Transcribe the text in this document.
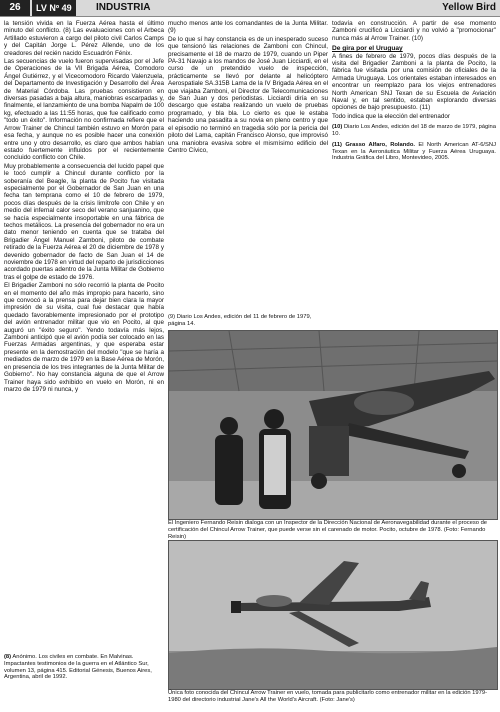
26	LV Nº 49	INDUSTRIA	Yellow Bird

la tensión vivida en la Fuerza Aérea hasta el último minuto del conflicto. (8) Las evaluaciones con el Arbeca Artillado estuvieron a cargo del piloto civil Carlos Camps y del Capitán Jorge L. Pérez Allende, uno de los creadores del recién nacido Escuadrón Fénix.

Las secuencias de vuelo fueron supervisadas por el Jefe de Operaciones de la VII Brigada Aérea, Comodoro Ángel Gutiérrez, y el Vicecomodoro Ricardo Valenzuela, del Departamento de Investigación y Desarrollo del Área de Material Córdoba. Las pruebas consistieron en diversas pasadas a baja altura, maniobras escarpadas y, finalmente, el lanzamiento de una bomba Napalm de 100 kg, efectuado a las 11:55 horas, que fue calificado como "todo un éxito". Información no confirmada refiere que el Arrow Trainer de Chincul también estuvo en Morón para esa fecha, y aunque no es posible hacer una conexión entre uno y otro desarrollo, es claro que ambos habían estado fuertemente influidos por el recientemente concluido conflicto con Chile.

Muy probablemente a consecuencia del lucido papel que le tocó cumplir a Chincul durante conflicto por la soberanía del Beagle, la planta de Pocito fue visitada especialmente por el Gobernador de San Juan en una fecha tan temprana como el 10 de febrero de 1979, pocos días después de la crisis limítrofe con Chile y en medio del infernal calor seco del verano sanjuanino, que se hacía especialmente insoportable en una fábrica de techos metálicos. La presencia del gobernador no era un dato menor teniendo en cuenta que se trataba del Brigadier Ángel Manuel Zamboni, piloto de combate retirado de la Fuerza Aérea el 20 de diciembre de 1978 y devenido gobernador de facto de San Juan el 14 de noviembre de 1978 en virtud del reparto de jurisdicciones acordado puertas adentro de la Junta Militar de Gobierno tras el golpe de estado de 1976.

El Brigadier Zamboni no sólo recorrió la planta de Pocito en el momento del año más impropio para hacerlo, sino que convocó a la prensa para dejar bien clara la mayor impresión de su visita, cual fue destacar que había quedado favorablemente impresionado por el prototipo del avión entrenador militar que vio en Pocito, al que auguró un "éxito seguro". Yendo todavía más lejos, Zamboni anticipó que el avión podía ser colocado en las Fuerzas Armadas argentinas, y que esperaba estar presente en la demostración del modelo "que se haría a mediados de marzo de 1979 en la Base Aérea de Morón, en presencia de los tres integrantes de la Junta Militar de Gobierno". No hay constancia alguna de que el Arrow Trainer haya sido exhibido en vuelo en Morón, ni en marzo de 1979 ni nunca, y

(8) Anónimo. Los civiles en combate. En Malvinas. Impactantes testimonios de la guerra en el Atlántico Sur, volumen 13, página 415. Editorial Génesis, Buenos Aires, Argentina, abril de 1992.

mucho menos ante los comandantes de la Junta Militar. (9)

De lo que sí hay constancia es de un inesperado suceso que tensionó las relaciones de Zamboni con Chincul, precisamente el 18 de marzo de 1979, cuando un Piper PA-31 Navajo a los mandos de José Juan Licciardi, en el curso de un pretendido vuelo de inspección, prácticamente se llevó por delante al helicóptero Aerospatiale SA.315B Lama de la IV Brigada Aérea en el que viajaba Zamboni, el Director de Telecomunicaciones de San Juan y dos periodistas. Licciardi diría en su descargo que estaba realizando un vuelo de pruebas programado, y bla bla. Lo cierto es que le estaba haciendo una pasadita a su novia en pleno centro y que el episodio no terminó en tragedia sólo por la pericia del piloto del Lama, capitán Francisco Alonso, que improvisó una maniobra evasiva sobre el mismísimo edificio del Centro Cívico,

(9) Diario Los Andes, edición del 11 de febrero de 1979, página 14.

todavía en construcción. A partir de ese momento Zamboni crucificó a Licciardi y no volvió a "promocionar" nunca más al Arrow Trainer. (10)

De gira por el Uruguay

A fines de febrero de 1979, pocos días después de la visita del Brigadier Zamboni a la planta de Pocito, la fábrica fue visitada por una comisión de oficiales de la Armada Uruguaya. Los orientales estaban interesados en encontrar un reemplazo para los viejos entrenadores North American SNJ Texan de su Escuela de Aviación Naval y, en tal sentido, estaban explorando diversas opciones de bajo presupuesto. (11)

Todo indica que la elección del entrenador

(10) Diario Los Andes, edición del 18 de marzo de 1979, página 10.
(11) Grasso Alfaro, Rolando. El North American AT-6/SNJ Texan en la Aeronáutica Militar y Fuerza Aérea Uruguaya. Industria Gráfica del Libro, Montevideo, 2005.
El Ingeniero Fernando Reisin dialoga con un Inspector de la Dirección Nacional de Aeronavegabilidad durante el proceso de certificación del Chincul Arrow Trainer, que puede verse sin el carenado de motor. Pocito, octubre de 1978. (Foto: Fernando Reisin)
Única foto conocida del Chincul Arrow Trainer en vuelo, tomada para publicitarlo como entrenador militar en la edición 1979-1980 del directorio industrial Jane's All the World's Aircraft. (Foto: Jane's)
